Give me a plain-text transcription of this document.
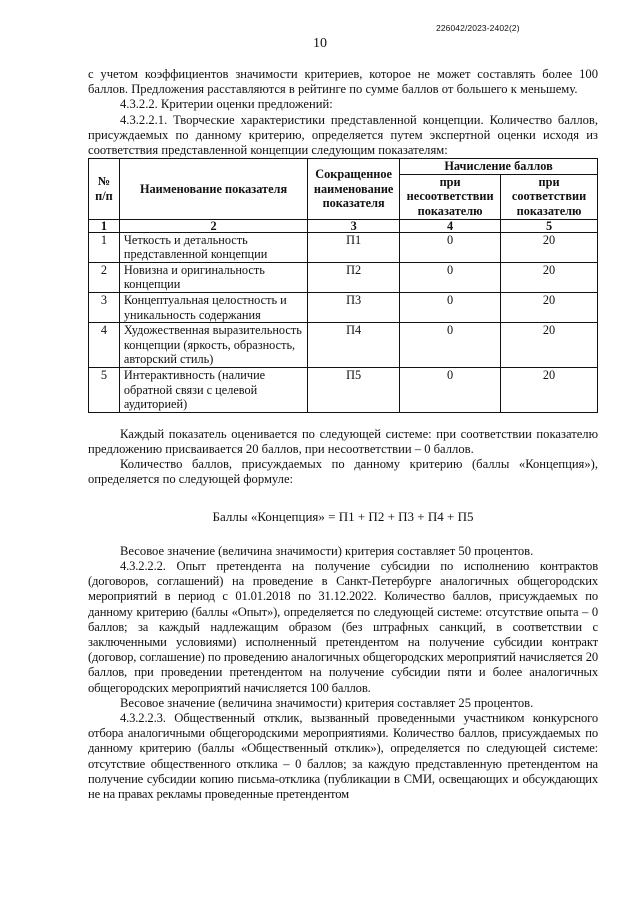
226042/2023-2402(2)
10

с учетом коэффициентов значимости критериев, которое не может составлять более 100 баллов. Предложения расставляются в рейтинге по сумме баллов от большего к меньшему.

4.3.2.2. Критерии оценки предложений:

4.3.2.2.1. Творческие характеристики представленной концепции. Количество баллов, присуждаемых по данному критерию, определяется путем экспертной оценки исходя из соответствия представленной концепции следующим показателям:

№ п/п	Наименование показателя	Сокращенное наименование показателя	Начисление баллов	
			при несоответствии показателю	при соответствии показателю
1	2	3	4	5
1	Четкость и детальность представленной концепции	П1	0	20
2	Новизна и оригинальность концепции	П2	0	20
3	Концептуальная целостность и уникальность содержания	П3	0	20
4	Художественная выразительность концепции (яркость, образность, авторский стиль)	П4	0	20
5	Интерактивность (наличие обратной связи с целевой аудиторией)	П5	0	20

Каждый показатель оценивается по следующей системе: при соответствии показателю предложению присваивается 20 баллов, при несоответствии – 0 баллов.

Количество баллов, присуждаемых по данному критерию (баллы «Концепция»), определяется по следующей формуле:

Баллы «Концепция» = П1 + П2 + П3 + П4 + П5

Весовое значение (величина значимости) критерия составляет 50 процентов.

4.3.2.2.2. Опыт претендента на получение субсидии по исполнению контрактов (договоров, соглашений) на проведение в Санкт-Петербурге аналогичных общегородских мероприятий в период с 01.01.2018 по 31.12.2022. Количество баллов, присуждаемых по данному критерию (баллы «Опыт»), определяется по следующей системе: отсутствие опыта – 0 баллов; за каждый надлежащим образом (без штрафных санкций, в соответствии с заключенными условиями) исполненный претендентом на получение субсидии контракт (договор, соглашение) по проведению аналогичных общегородских мероприятий начисляется 20 баллов, при проведении претендентом на получение субсидии пяти и более аналогичных общегородских мероприятий начисляется 100 баллов.

Весовое значение (величина значимости) критерия составляет 25 процентов.

4.3.2.2.3. Общественный отклик, вызванный проведенными участником конкурсного отбора аналогичными общегородскими мероприятиями. Количество баллов, присуждаемых по данному критерию (баллы «Общественный отклик»), определяется по следующей системе: отсутствие общественного отклика – 0 баллов; за каждую представленную претендентом на получение субсидии копию письма-отклика (публикации в СМИ, освещающих и обсуждающих не на правах рекламы проведенные претендентом
